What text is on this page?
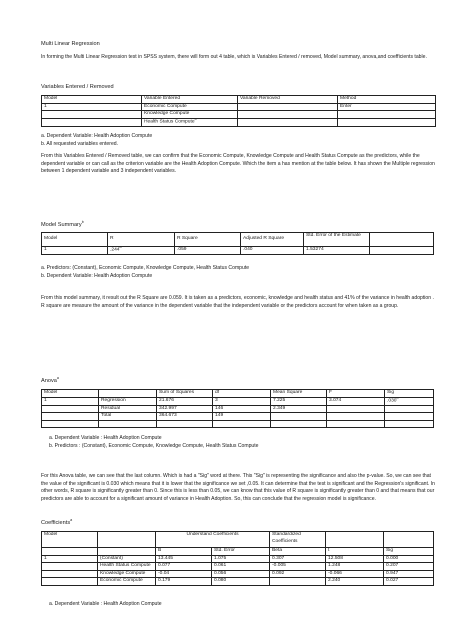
Multi Linear Regression
In forming the Multi Linear Regression test in SPSS system, there will form out 4 table, which is Variables Entered / removed, Model summary, anova,and coefficients table.
Variables Entered / Removed
Model	Variable Entered	Variable Removed	Method
1	Economic Compute		Enter
	Knowledge Compute		
	Health Status Compute$^b$		
a. Dependent Variable: Health Adoption Compute
b. All requested variables entered.
From this Variables Entered / Removed table, we can confirm that the Economic Compute, Knowledge Compute and Health Status Compute as the predictors, while the dependent variable or can call as the criterion variable are the Health Adoption Compute. Which the item a has mention at the table below. It has shown the Multiple regression between 1 dependent variable and 3 independent variables.
Model Summary$^b$
Model	R	R Square	Adjusted R Square	Std. Error of the Estimate	
1	.244$^a$	.059	.040	1.53274	
a. Predictors: (Constant), Economic Compute, Knowledge Compute, Health Status Compute
b. Dependent Variable: Health Adoption Compute
From this model summary, it result out the R Square are 0.059. It is taken as a predictors, economic, knowledge and health status and 41% of the variance in health adoption . R square are measure the amount of the variance in the dependent variable that the independent variable or the predictors account for when taken as a group.
Anova$^a$
Model		Sum of Squares	df	Mean Square	F	Sig
1	Regression	21.676	3	7.225	3.074	.030$^b$
	Residual	342.997	146	2.349		
	Total	364.673	149			

a. Dependent Variable : Health Adoption Compute
b. Predictors : (Constant), Economic Compute, Knowledge Compute, Health Status Compute
For this Anova table, we can see that the last column. Which is had a "Sig" word at there. This "Sig" is representing the significance and also the p-value. So, we can see that the value of the significant is 0.030 which means that it is lower that the significance we set ,0.05. It can determine that the test is significant and the Regression's significant. In other words, R square is significantly greater than 0. Since this is less than 0.05, we can know that this value of R square is significantly greater than 0 and that means that our predictors are able to account for a significant amount of variance in Health Adoption. So, this can conclude that the regression model is significance.
Coefficients$^a$
Model		Understand Coefficients		Standardized Coefficients		
		B	Std. Error	Beta	t	Sig
1	(Constant)	13.445	1.075	0.307	12.508	0.000
	Health Status Compute	0.077	0.061	-0.005	1.248	0.207
	Knowledge Compute	-0.04	0.056	0.092	-0.066	0.947
	Economic Compute	0.179	0.080		2.240	0.027
a. Dependent Variable : Health Adoption Compute
